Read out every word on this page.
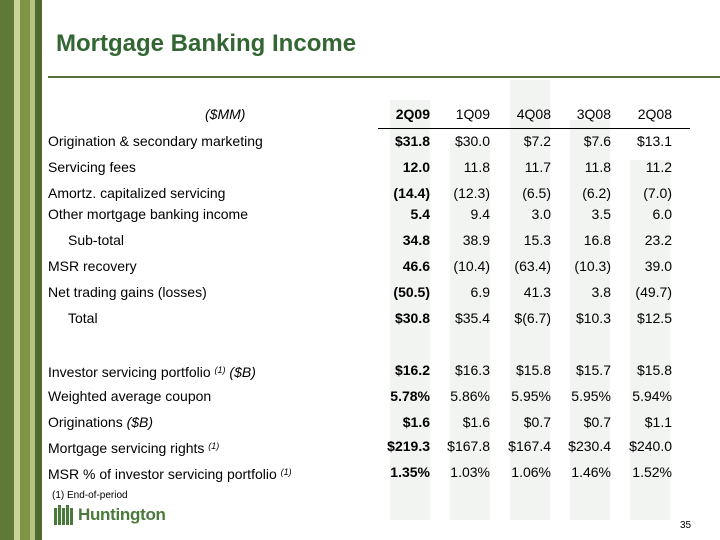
Mortgage Banking Income
($MM)	2Q09	1Q09	4Q08	3Q08	2Q08
Origination & secondary marketing	$31.8	$30.0	$7.2	$7.6	$13.1
Servicing fees	12.0	11.8	11.7	11.8	11.2
Amortz. capitalized servicing	(14.4)	(12.3)	(6.5)	(6.2)	(7.0)
Other mortgage banking income	5.4	9.4	3.0	3.5	6.0
Sub-total	34.8	38.9	15.3	16.8	23.2
MSR recovery	46.6	(10.4)	(63.4)	(10.3)	39.0
Net trading gains (losses)	(50.5)	6.9	41.3	3.8	(49.7)
Total	$30.8	$35.4	$(6.7)	$10.3	$12.5
Investor servicing portfolio $^{(1)}$ ($B)	$16.2	$16.3	$15.8	$15.7	$15.8
Weighted average coupon	5.78%	5.86%	5.95%	5.95%	5.94%
Originations ($B)	$1.6	$1.6	$0.7	$0.7	$1.1
Mortgage servicing rights $^{(1)}$	$219.3	$167.8	$167.4	$230.4	$240.0
MSR % of investor servicing portfolio $^{(1)}$	1.35%	1.03%	1.06%	1.46%	1.52%
(1) End-of-period
Huntington
35
